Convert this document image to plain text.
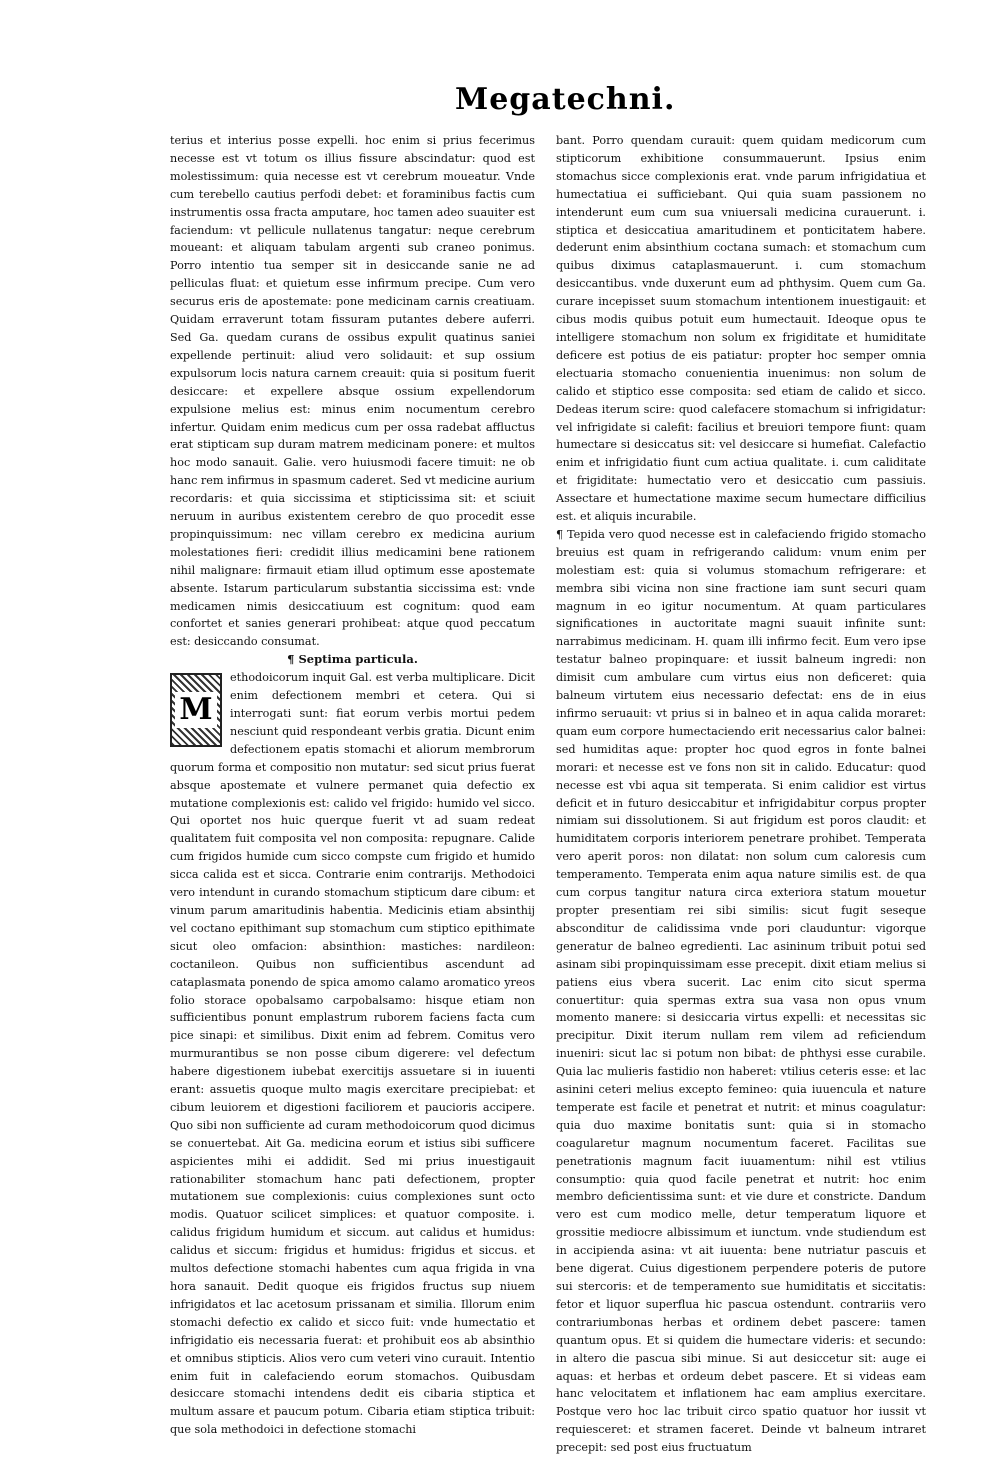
Megatechni.

terius et interius posse expelli. hoc enim si prius fecerimus necesse est vt totum os illius fissure abscindatur: quod est molestissimum: quia necesse est vt cerebrum moueatur. Vnde cum terebello cautius perfodi debet: et foraminibus factis cum instrumentis ossa fracta amputare, hoc tamen adeo suauiter est faciendum: vt pellicule nullatenus tangatur: neque cerebrum moueant: et aliquam tabulam argenti sub craneo ponimus. Porro intentio tua semper sit in desiccande sanie ne ad pelliculas fluat: et quietum esse infirmum precipe. Cum vero securus eris de apostemate: pone medicinam carnis creatiuam. Quidam erraverunt totam fissuram putantes debere auferri. Sed Ga. quedam curans de ossibus expulit quatinus saniei expellende pertinuit: aliud vero solidauit: et sup ossium expulsorum locis natura carnem creauit: quia si positum fuerit desiccare: et expellere absque ossium expellendorum expulsione melius est: minus enim nocumentum cerebro infertur. Quidam enim medicus cum per ossa radebat affluctus erat stipticam sup duram matrem medicinam ponere: et multos hoc modo sanauit. Galie. vero huiusmodi facere timuit: ne ob hanc rem infirmus in spasmum caderet. Sed vt medicine aurium recordaris: et quia siccissima et stipticissima sit: et sciuit neruum in auribus existentem cerebro de quo procedit esse propinquissimum: nec villam cerebro ex medicina aurium molestationes fieri: credidit illius medicamini bene rationem nihil malignare: firmauit etiam illud optimum esse apostemate absente. Istarum particularum substantia siccissima est: vnde medicamen nimis desiccatiuum est cognitum: quod eam confortet et sanies generari prohibeat: atque quod peccatum est: desiccando consumat.

¶ Septima particula.

M

ethodoicorum inquit Gal. est verba multiplicare. Dicit enim defectionem membri et cetera. Qui si interrogati sunt: fiat eorum verbis mortui pedem nesciunt quid respondeant verbis gratia. Dicunt enim defectionem epatis stomachi et aliorum membrorum quorum forma et compositio non mutatur: sed sicut prius fuerat absque apostemate et vulnere permanet quia defectio ex mutatione complexionis est: calido vel frigido: humido vel sicco. Qui oportet nos huic querque fuerit vt ad suam redeat qualitatem fuit composita vel non composita: repugnare. Calide cum frigidos humide cum sicco compste cum frigido et humido sicca calida est et sicca. Contrarie enim contrarijs. Methodoici vero intendunt in curando stomachum stipticum dare cibum: et vinum parum amaritudinis habentia. Medicinis etiam absinthij vel coctano epithimant sup stomachum cum stiptico epithimate sicut oleo omfacion: absinthion: mastiches: nardileon: coctanileon. Quibus non sufficientibus ascendunt ad cataplasmata ponendo de spica amomo calamo aromatico yreos folio storace opobalsamo carpobalsamo: hisque etiam non sufficientibus ponunt emplastrum ruborem faciens facta cum pice sinapi: et similibus. Dixit enim ad febrem. Comitus vero murmurantibus se non posse cibum digerere: vel defectum habere digestionem iubebat exercitijs assuetare si in iuuenti erant: assuetis quoque multo magis exercitare precipiebat: et cibum leuiorem et digestioni faciliorem et paucioris accipere. Quo sibi non sufficiente ad curam methodoicorum quod dicimus se conuertebat. Ait Ga. medicina eorum et istius sibi sufficere aspicientes mihi ei addidit. Sed mi prius inuestigauit rationabiliter stomachum hanc pati defectionem, propter mutationem sue complexionis: cuius complexiones sunt octo modis. Quatuor scilicet simplices: et quatuor composite. i. calidus frigidum humidum et siccum. aut calidus et humidus: calidus et siccum: frigidus et humidus: frigidus et siccus. et multos defectione stomachi habentes cum aqua frigida in vna hora sanauit. Dedit quoque eis frigidos fructus sup niuem infrigidatos et lac acetosum prissanam et similia. Illorum enim stomachi defectio ex calido et sicco fuit: vnde humectatio et infrigidatio eis necessaria fuerat: et prohibuit eos ab absinthio et omnibus stipticis. Alios vero cum veteri vino curauit. Intentio enim fuit in calefaciendo eorum stomachos. Quibusdam desiccare stomachi intendens dedit eis cibaria stiptica et multum assare et paucum potum. Cibaria etiam stiptica tribuit: que sola methodoici in defectione stomachi

bant. Porro quendam curauit: quem quidam medicorum cum stipticorum exhibitione consummauerunt. Ipsius enim stomachus sicce complexionis erat. vnde parum infrigidatiua et humectatiua ei sufficiebant. Qui quia suam passionem no intenderunt eum cum sua vniuersali medicina curauerunt. i. stiptica et desiccatiua amaritudinem et ponticitatem habere. dederunt enim absinthium coctana sumach: et stomachum cum quibus diximus cataplasmauerunt. i. cum stomachum desiccantibus. vnde duxerunt eum ad phthysim. Quem cum Ga. curare incepisset suum stomachum intentionem inuestigauit: et cibus modis quibus potuit eum humectauit. Ideoque opus te intelligere stomachum non solum ex frigiditate et humiditate deficere est potius de eis patiatur: propter hoc semper omnia electuaria stomacho conuenientia inuenimus: non solum de calido et stiptico esse composita: sed etiam de calido et sicco. Dedeas iterum scire: quod calefacere stomachum si infrigidatur: vel infrigidate si calefit: facilius et breuiori tempore fiunt: quam humectare si desiccatus sit: vel desiccare si humefiat. Calefactio enim et infrigidatio fiunt cum actiua qualitate. i. cum caliditate et frigiditate: humectatio vero et desiccatio cum passiuis. Assectare et humectatione maxime secum humectare difficilius est. et aliquis incurabile.

¶ Tepida vero quod necesse est in calefaciendo frigido stomacho breuius est quam in refrigerando calidum: vnum enim per molestiam est: quia si volumus stomachum refrigerare: et membra sibi vicina non sine fractione iam sunt securi quam magnum in eo igitur nocumentum. At quam particulares significationes in auctoritate magni suauit infinite sunt: narrabimus medicinam. H. quam illi infirmo fecit. Eum vero ipse testatur balneo propinquare: et iussit balneum ingredi: non dimisit cum ambulare cum virtus eius non deficeret: quia balneum virtutem eius necessario defectat: ens de in eius infirmo seruauit: vt prius si in balneo et in aqua calida moraret: quam eum corpore humectaciendo erit necessarius calor balnei: sed humiditas aque: propter hoc quod egros in fonte balnei morari: et necesse est ve fons non sit in calido. Educatur: quod necesse est vbi aqua sit temperata. Si enim calidior est virtus deficit et in futuro desiccabitur et infrigidabitur corpus propter nimiam sui dissolutionem. Si aut frigidum est poros claudit: et humiditatem corporis interiorem penetrare prohibet. Temperata vero aperit poros: non dilatat: non solum cum caloresis cum temperamento. Temperata enim aqua nature similis est. de qua cum corpus tangitur natura circa exteriora statum mouetur propter presentiam rei sibi similis: sicut fugit seseque absconditur de calidissima vnde pori clauduntur: vigorque generatur de balneo egredienti. Lac asininum tribuit potui sed asinam sibi propinquissimam esse precepit. dixit etiam melius si patiens eius vbera sucerit. Lac enim cito sicut sperma conuertitur: quia spermas extra sua vasa non opus vnum momento manere: si desiccaria virtus expelli: et necessitas sic precipitur. Dixit iterum nullam rem vilem ad reficiendum inueniri: sicut lac si potum non bibat: de phthysi esse curabile. Quia lac mulieris fastidio non haberet: vtilius ceteris esse: et lac asinini ceteri melius excepto femineo: quia iuuencula et nature temperate est facile et penetrat et nutrit: et minus coagulatur: quia duo maxime bonitatis sunt: quia si in stomacho coagularetur magnum nocumentum faceret. Facilitas sue penetrationis magnum facit iuuamentum: nihil est vtilius consumptio: quia quod facile penetrat et nutrit: hoc enim membro deficientissima sunt: et vie dure et constricte. Dandum vero est cum modico melle, detur temperatum liquore et grossitie mediocre albissimum et iunctum. vnde studiendum est in accipienda asina: vt ait iuuenta: bene nutriatur pascuis et bene digerat. Cuius digestionem perpendere poteris de putore sui stercoris: et de temperamento sue humiditatis et siccitatis: fetor et liquor superflua hic pascua ostendunt. contrariis vero contrariumbonas herbas et ordinem debet pascere: tamen quantum opus. Et si quidem die humectare videris: et secundo: in altero die pascua sibi minue. Si aut desiccetur sit: auge ei aquas: et herbas et ordeum debet pascere. Et si videas eam hanc velocitatem et inflationem hac eam amplius exercitare. Postque vero hoc lac tribuit circo spatio quatuor hor iussit vt requiesceret: et stramen faceret. Deinde vt balneum intraret precepit: sed post eius fructuatum
